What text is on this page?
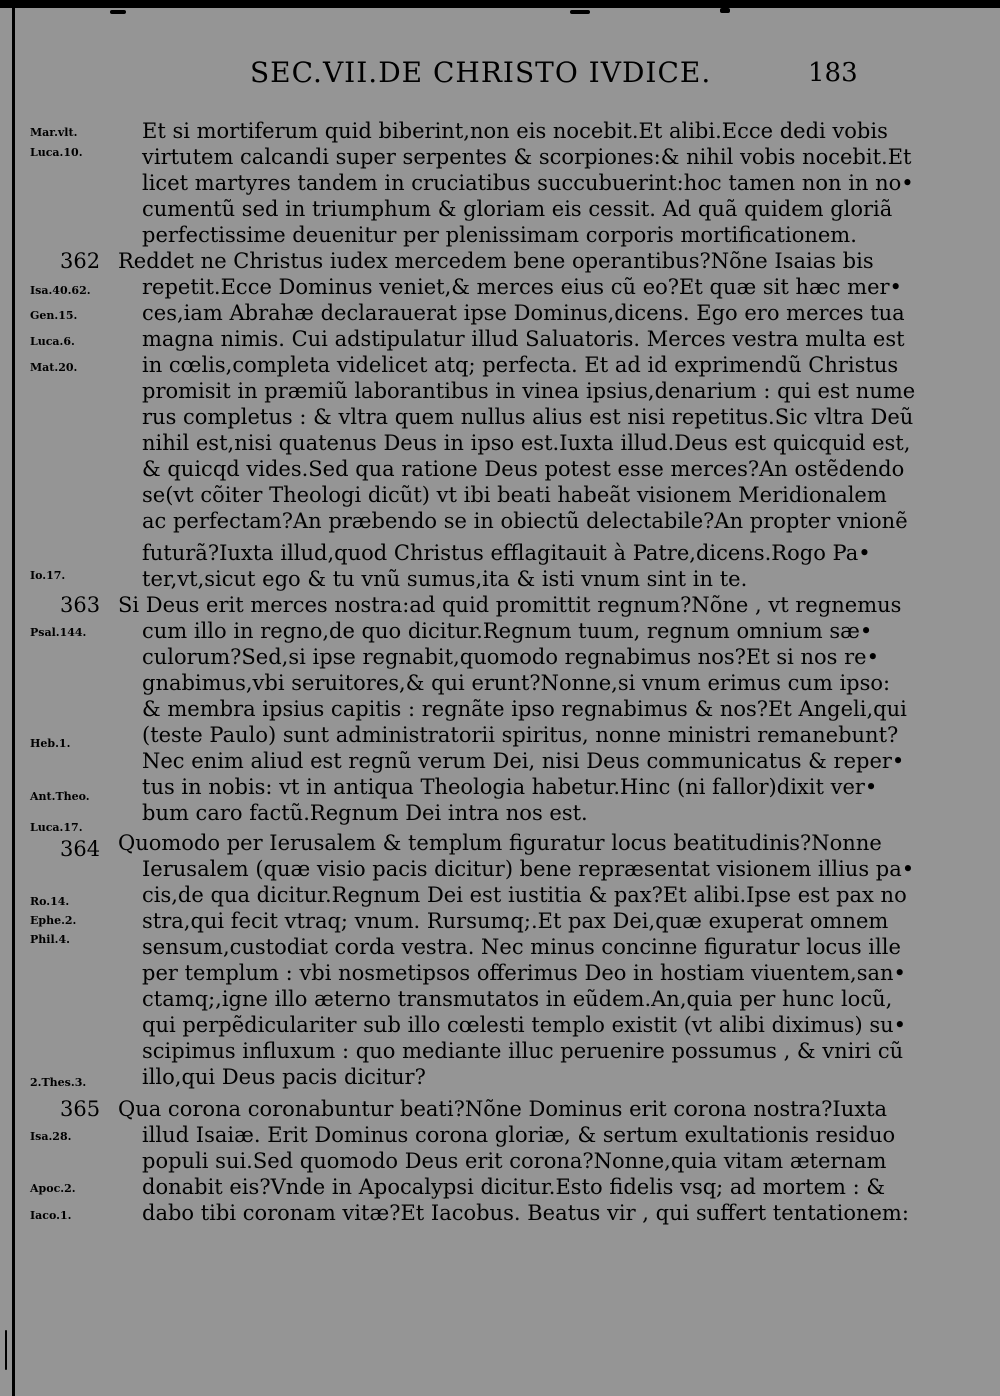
SEC.VII.DE CHRISTO IVDICE.	183
Mar.vlt.
Luca.10.
Isa.40.62.
Gen.15.
Luca.6.
Mat.20.
Io.17.
Psal.144.
Heb.1.
Ant.Theo.
Luca.17.
Ro.14.
Ephe.2.
Phil.4.
2.Thes.3.
Isa.28.
Apoc.2.
Iaco.1.
362
363
364
365
Et si mortiferum quid biberint,non eis nocebit.Et alibi.Ecce dedi vobis
virtutem calcandi super serpentes & scorpiones:& nihil vobis nocebit.Et
licet martyres tandem in cruciatibus succubuerint:hoc tamen non in no•
cumentũ sed in triumphum & gloriam eis cessit. Ad quã quidem gloriã
perfectissime deuenitur per plenissimam corporis mortificationem.
Reddet ne Christus iudex mercedem bene operantibus?Nõne Isaias bis
repetit.Ecce Dominus veniet,& merces eius cũ eo?Et quæ sit hæc mer•
ces,iam Abrahæ declarauerat ipse Dominus,dicens. Ego ero merces tua
magna nimis. Cui adstipulatur illud Saluatoris. Merces vestra multa est
in cœlis,completa videlicet atq; perfecta. Et ad id exprimendũ Christus
promisit in præmiũ laborantibus in vinea ipsius,denarium : qui est nume
rus completus : & vltra quem nullus alius est nisi repetitus.Sic vltra Deũ
nihil est,nisi quatenus Deus in ipso est.Iuxta illud.Deus est quicquid est,
& quicqd vides.Sed qua ratione Deus potest esse merces?An ostẽdendo
se(vt cõiter Theologi dicũt) vt ibi beati habeãt visionem Meridionalem
ac perfectam?An præbendo se in obiectũ delectabile?An propter vnionẽ
futurã?Iuxta illud,quod Christus efflagitauit à Patre,dicens.Rogo Pa•
ter,vt,sicut ego & tu vnũ sumus,ita & isti vnum sint in te.
Si Deus erit merces nostra:ad quid promittit regnum?Nõne , vt regnemus
cum illo in regno,de quo dicitur.Regnum tuum, regnum omnium sæ•
culorum?Sed,si ipse regnabit,quomodo regnabimus nos?Et si nos re•
gnabimus,vbi seruitores,& qui erunt?Nonne,si vnum erimus cum ipso:
& membra ipsius capitis : regnãte ipso regnabimus & nos?Et Angeli,qui
(teste Paulo) sunt administratorii spiritus, nonne ministri remanebunt?
Nec enim aliud est regnũ verum Dei, nisi Deus communicatus & reper•
tus in nobis: vt in antiqua Theologia habetur.Hinc (ni fallor)dixit ver•
bum caro factũ.Regnum Dei intra nos est.
Quomodo per Ierusalem & templum figuratur locus beatitudinis?Nonne
Ierusalem (quæ visio pacis dicitur) bene repræsentat visionem illius pa•
cis,de qua dicitur.Regnum Dei est iustitia & pax?Et alibi.Ipse est pax no
stra,qui fecit vtraq; vnum. Rursumq;.Et pax Dei,quæ exuperat omnem
sensum,custodiat corda vestra. Nec minus concinne figuratur locus ille
per templum : vbi nosmetipsos offerimus Deo in hostiam viuentem,san•
ctamq;,igne illo æterno transmutatos in eũdem.An,quia per hunc locũ,
qui perpẽdiculariter sub illo cœlesti templo existit (vt alibi diximus) su•
scipimus influxum : quo mediante illuc peruenire possumus , & vniri cũ
illo,qui Deus pacis dicitur?
Qua corona coronabuntur beati?Nõne Dominus erit corona nostra?Iuxta
illud Isaiæ. Erit Dominus corona gloriæ, & sertum exultationis residuo
populi sui.Sed quomodo Deus erit corona?Nonne,quia vitam æternam
donabit eis?Vnde in Apocalypsi dicitur.Esto fidelis vsq; ad mortem : &
dabo tibi coronam vitæ?Et Iacobus. Beatus vir , qui suffert tentationem:
